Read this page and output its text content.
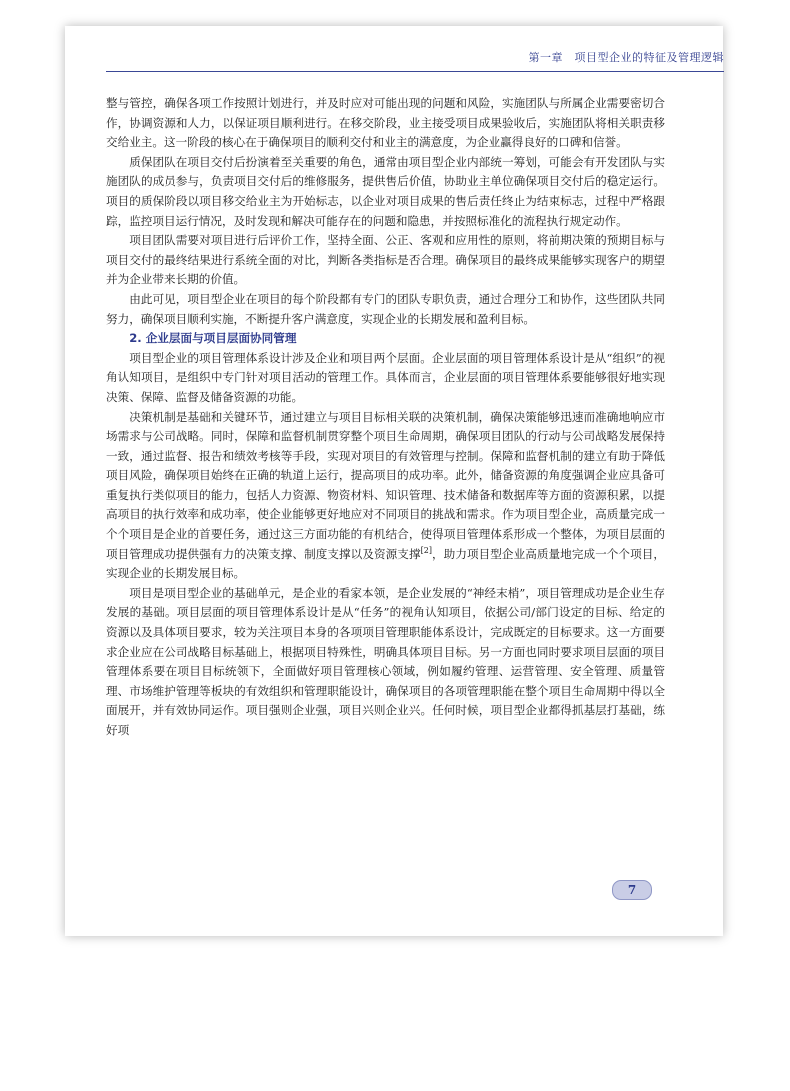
第一章　项目型企业的特征及管理逻辑

整与管控，确保各项工作按照计划进行，并及时应对可能出现的问题和风险，实施团队与所属企业需要密切合作，协调资源和人力，以保证项目顺利进行。在移交阶段，业主接受项目成果验收后，实施团队将相关职责移交给业主。这一阶段的核心在于确保项目的顺利交付和业主的满意度，为企业赢得良好的口碑和信誉。

质保团队在项目交付后扮演着至关重要的角色，通常由项目型企业内部统一筹划，可能会有开发团队与实施团队的成员参与，负责项目交付后的维修服务，提供售后价值，协助业主单位确保项目交付后的稳定运行。项目的质保阶段以项目移交给业主为开始标志，以企业对项目成果的售后责任终止为结束标志，过程中严格跟踪，监控项目运行情况，及时发现和解决可能存在的问题和隐患，并按照标准化的流程执行规定动作。

项目团队需要对项目进行后评价工作，坚持全面、公正、客观和应用性的原则，将前期决策的预期目标与项目交付的最终结果进行系统全面的对比，判断各类指标是否合理。确保项目的最终成果能够实现客户的期望并为企业带来长期的价值。

由此可见，项目型企业在项目的每个阶段都有专门的团队专职负责，通过合理分工和协作，这些团队共同努力，确保项目顺利实施，不断提升客户满意度，实现企业的长期发展和盈利目标。

2. 企业层面与项目层面协同管理

项目型企业的项目管理体系设计涉及企业和项目两个层面。企业层面的项目管理体系设计是从“组织”的视角认知项目，是组织中专门针对项目活动的管理工作。具体而言，企业层面的项目管理体系要能够很好地实现决策、保障、监督及储备资源的功能。

决策机制是基础和关键环节，通过建立与项目目标相关联的决策机制，确保决策能够迅速而准确地响应市场需求与公司战略。同时，保障和监督机制贯穿整个项目生命周期，确保项目团队的行动与公司战略发展保持一致，通过监督、报告和绩效考核等手段，实现对项目的有效管理与控制。保障和监督机制的建立有助于降低项目风险，确保项目始终在正确的轨道上运行，提高项目的成功率。此外，储备资源的角度强调企业应具备可重复执行类似项目的能力，包括人力资源、物资材料、知识管理、技术储备和数据库等方面的资源积累，以提高项目的执行效率和成功率，使企业能够更好地应对不同项目的挑战和需求。作为项目型企业，高质量完成一个个项目是企业的首要任务，通过这三方面功能的有机结合，使得项目管理体系形成一个整体，为项目层面的项目管理成功提供强有力的决策支撑、制度支撑以及资源支撑[2]，助力项目型企业高质量地完成一个个项目，实现企业的长期发展目标。

项目是项目型企业的基础单元，是企业的看家本领，是企业发展的“神经末梢”，项目管理成功是企业生存发展的基础。项目层面的项目管理体系设计是从“任务”的视角认知项目，依据公司/部门设定的目标、给定的资源以及具体项目要求，较为关注项目本身的各项项目管理职能体系设计，完成既定的目标要求。这一方面要求企业应在公司战略目标基础上，根据项目特殊性，明确具体项目目标。另一方面也同时要求项目层面的项目管理体系要在项目目标统领下，全面做好项目管理核心领域，例如履约管理、运营管理、安全管理、质量管理、市场维护管理等板块的有效组织和管理职能设计，确保项目的各项管理职能在整个项目生命周期中得以全面展开，并有效协同运作。项目强则企业强，项目兴则企业兴。任何时候，项目型企业都得抓基层打基础，练好项

7
